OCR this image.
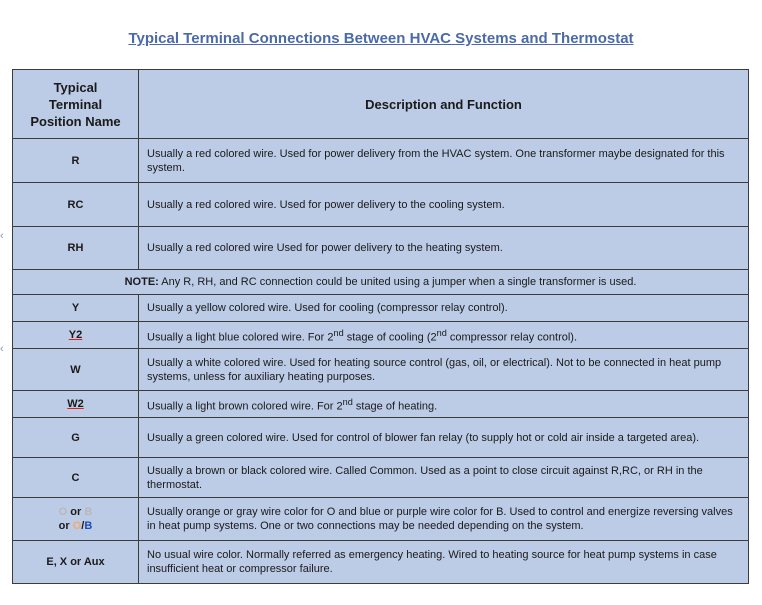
Typical Terminal Connections Between HVAC Systems and Thermostat
‹
‹
Typical
Terminal
Position Name	Description and Function
R	Usually a red colored wire. Used for power delivery from the HVAC system. One transformer maybe designated for this system.
RC	Usually a red colored wire. Used for power delivery to the cooling system.
RH	Usually a red colored wire Used for power delivery to the heating system.
NOTE: Any R, RH, and RC connection could be united using a jumper when a single transformer is used.	
Y	Usually a yellow colored wire. Used for cooling (compressor relay control).
Y2	Usually a light blue colored wire. For 2nd stage of cooling (2nd compressor relay control).
W	Usually a white colored wire. Used for heating source control (gas, oil, or electrical). Not to be connected in heat pump systems, unless for auxiliary heating purposes.
W2	Usually a light brown colored wire. For 2nd stage of heating.
G	Usually a green colored wire. Used for control of blower fan relay (to supply hot or cold air inside a targeted area).
C	Usually a brown or black colored wire. Called Common. Used as a point to close circuit against R,RC, or RH in the thermostat.

O or B
or O/B	Usually orange or gray wire color for O and blue or purple wire color for B. Used to control and energize reversing valves in heat pump systems. One or two connections may be needed depending on the system.
E, X or Aux	No usual wire color. Normally referred as emergency heating. Wired to heating source for heat pump systems in case insufficient heat or compressor failure.
